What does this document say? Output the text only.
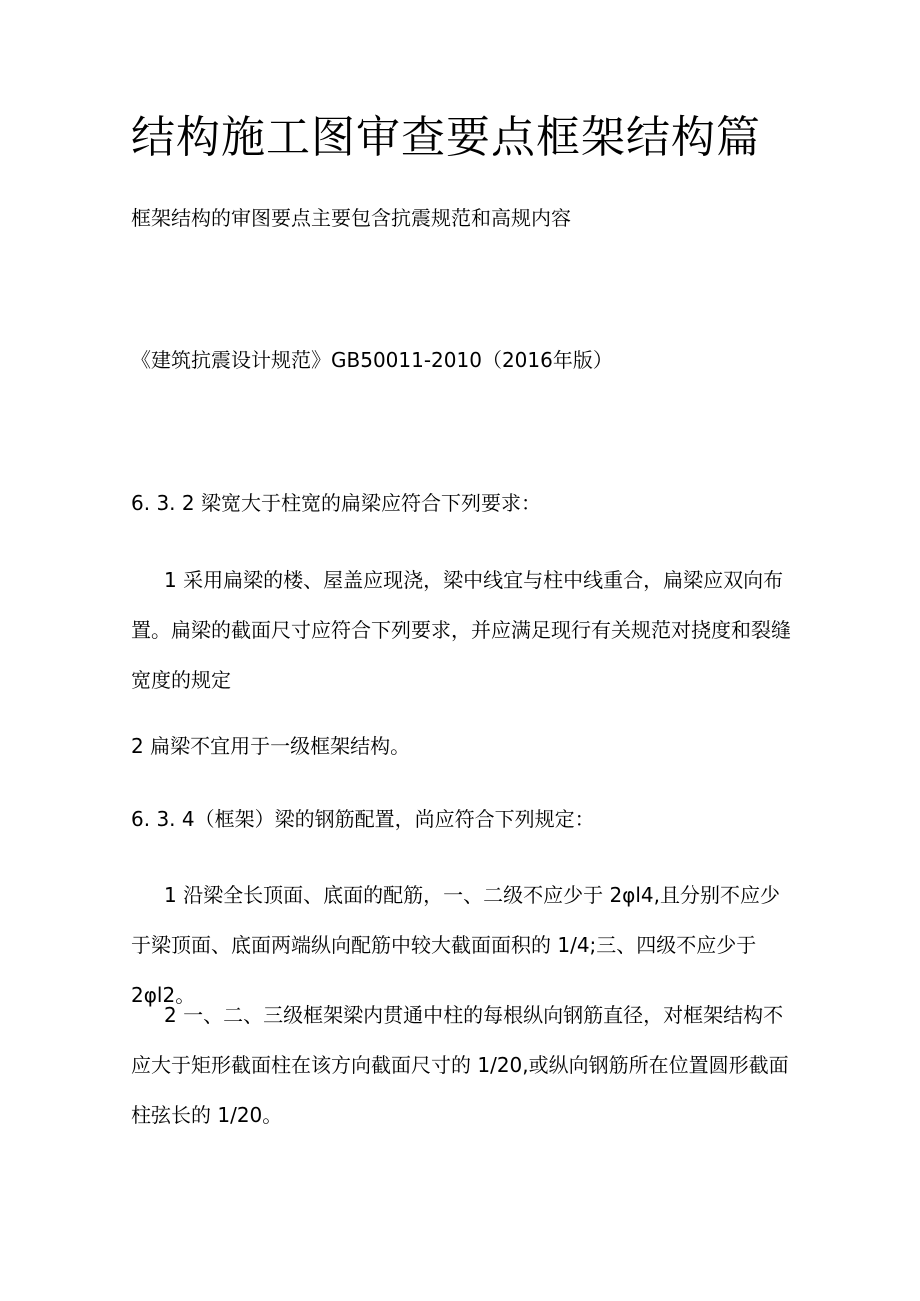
结构施工图审查要点框架结构篇

框架结构的审图要点主要包含抗震规范和高规内容

《建筑抗震设计规范》GB50011-2010（2016年版）

6. 3. 2 梁宽大于柱宽的扁梁应符合下列要求：

1 采用扁梁的楼、屋盖应现浇，梁中线宜与柱中线重合，扁梁应双向布置。扁梁的截面尺寸应符合下列要求，并应满足现行有关规范对挠度和裂缝宽度的规定

2 扁梁不宜用于一级框架结构。

6. 3. 4（框架）梁的钢筋配置，尚应符合下列规定：

1 沿梁全长顶面、底面的配筋，一、二级不应少于 2φl4,且分别不应少于梁顶面、底面两端纵向配筋中较大截面面积的 1/4;三、四级不应少于 2φl2。

2 一、二、三级框架梁内贯通中柱的每根纵向钢筋直径，对框架结构不应大于矩形截面柱在该方向截面尺寸的 1/20,或纵向钢筋所在位置圆形截面柱弦长的 1/20。
